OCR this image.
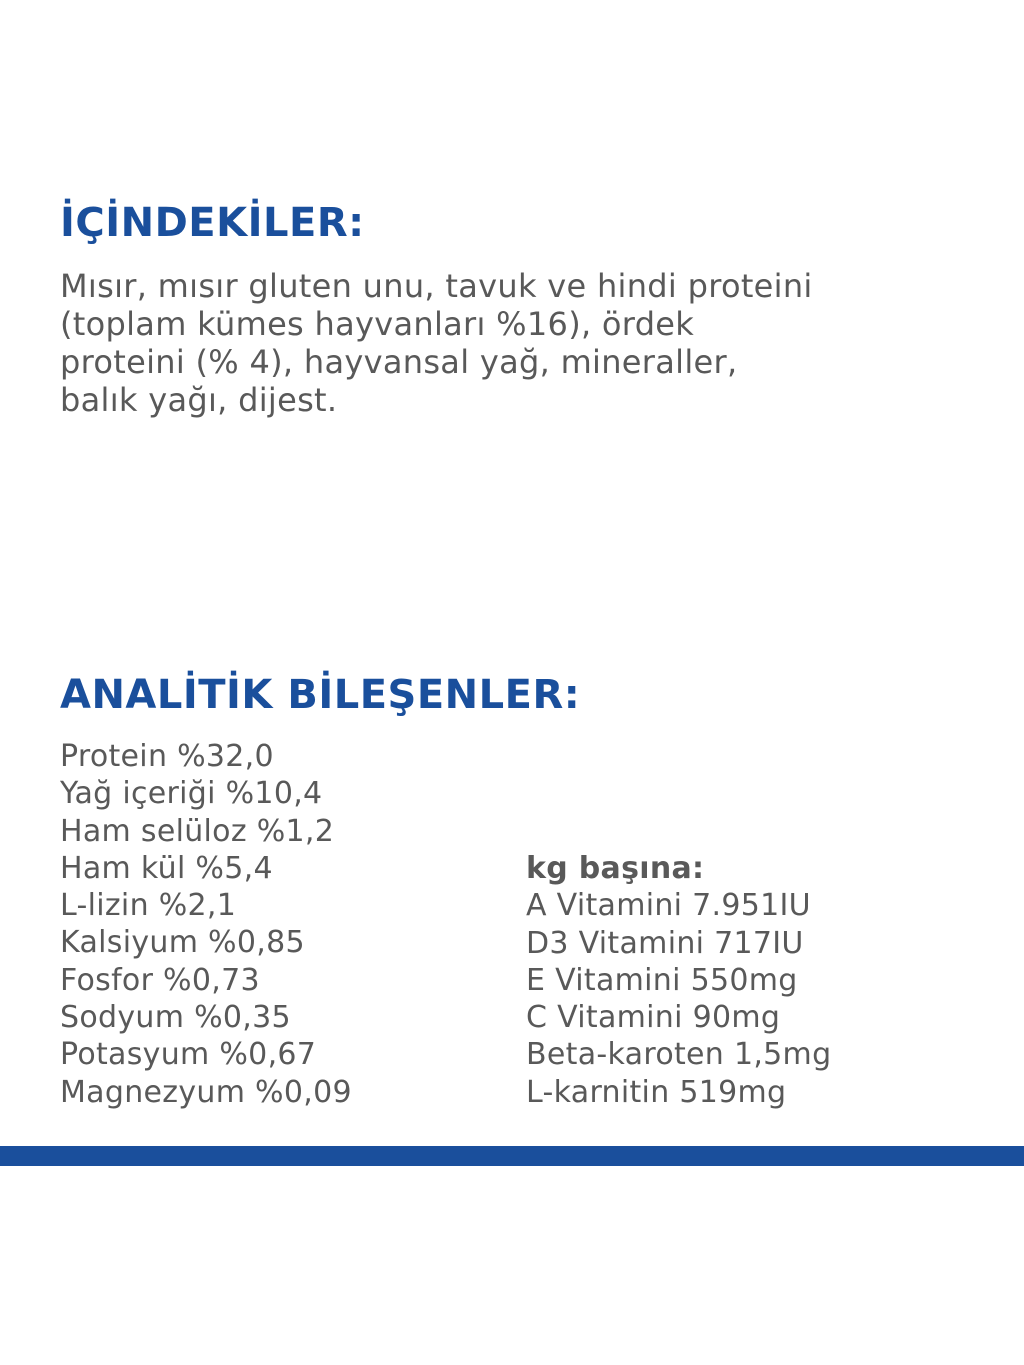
İÇİNDEKİLER:

Mısır, mısır gluten unu, tavuk ve hindi proteini
(toplam kümes hayvanları %16), ördek
proteini (% 4), hayvansal yağ, mineraller,
balık yağı, dijest.

ANALİTİK BİLEŞENLER:
Protein %32,0
Yağ içeriği %10,4
Ham selüloz %1,2
Ham kül %5,4
L-lizin %2,1
Kalsiyum %0,85
Fosfor %0,73
Sodyum %0,35
Potasyum %0,67
Magnezyum %0,09
kg başına:
A Vitamini 7.951IU
D3 Vitamini 717IU
E Vitamini 550mg
C Vitamini 90mg
Beta-karoten 1,5mg
L-karnitin 519mg
